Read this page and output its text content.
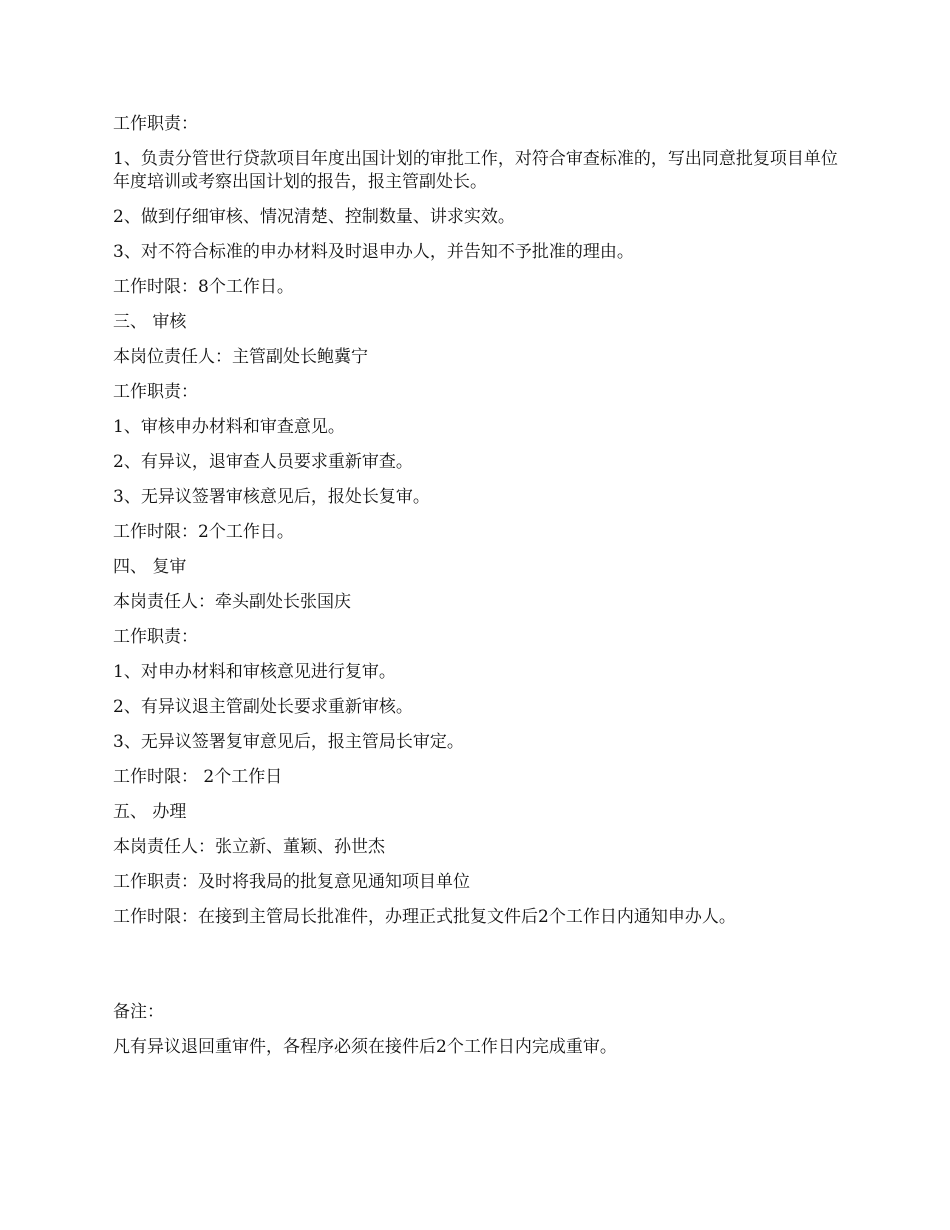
工作职责：
1、负责分管世行贷款项目年度出国计划的审批工作，对符合审查标准的，写出同意批复项目单位年度培训或考察出国计划的报告，报主管副处长。
2、做到仔细审核、情况清楚、控制数量、讲求实效。
3、对不符合标准的申办材料及时退申办人，并告知不予批准的理由。
工作时限：8个工作日。
三、 审核
本岗位责任人：主管副处长鲍冀宁
工作职责：
1、审核申办材料和审查意见。
2、有异议，退审查人员要求重新审查。
3、无异议签署审核意见后，报处长复审。
工作时限：2个工作日。
四、 复审
本岗责任人：牵头副处长张国庆
工作职责：
1、对申办材料和审核意见进行复审。
2、有异议退主管副处长要求重新审核。
3、无异议签署复审意见后，报主管局长审定。
工作时限： 2个工作日
五、 办理
本岗责任人：张立新、董颖、孙世杰
工作职责：及时将我局的批复意见通知项目单位
工作时限：在接到主管局长批准件，办理正式批复文件后2个工作日内通知申办人。
备注：
凡有异议退回重审件，各程序必须在接件后2个工作日内完成重审。
